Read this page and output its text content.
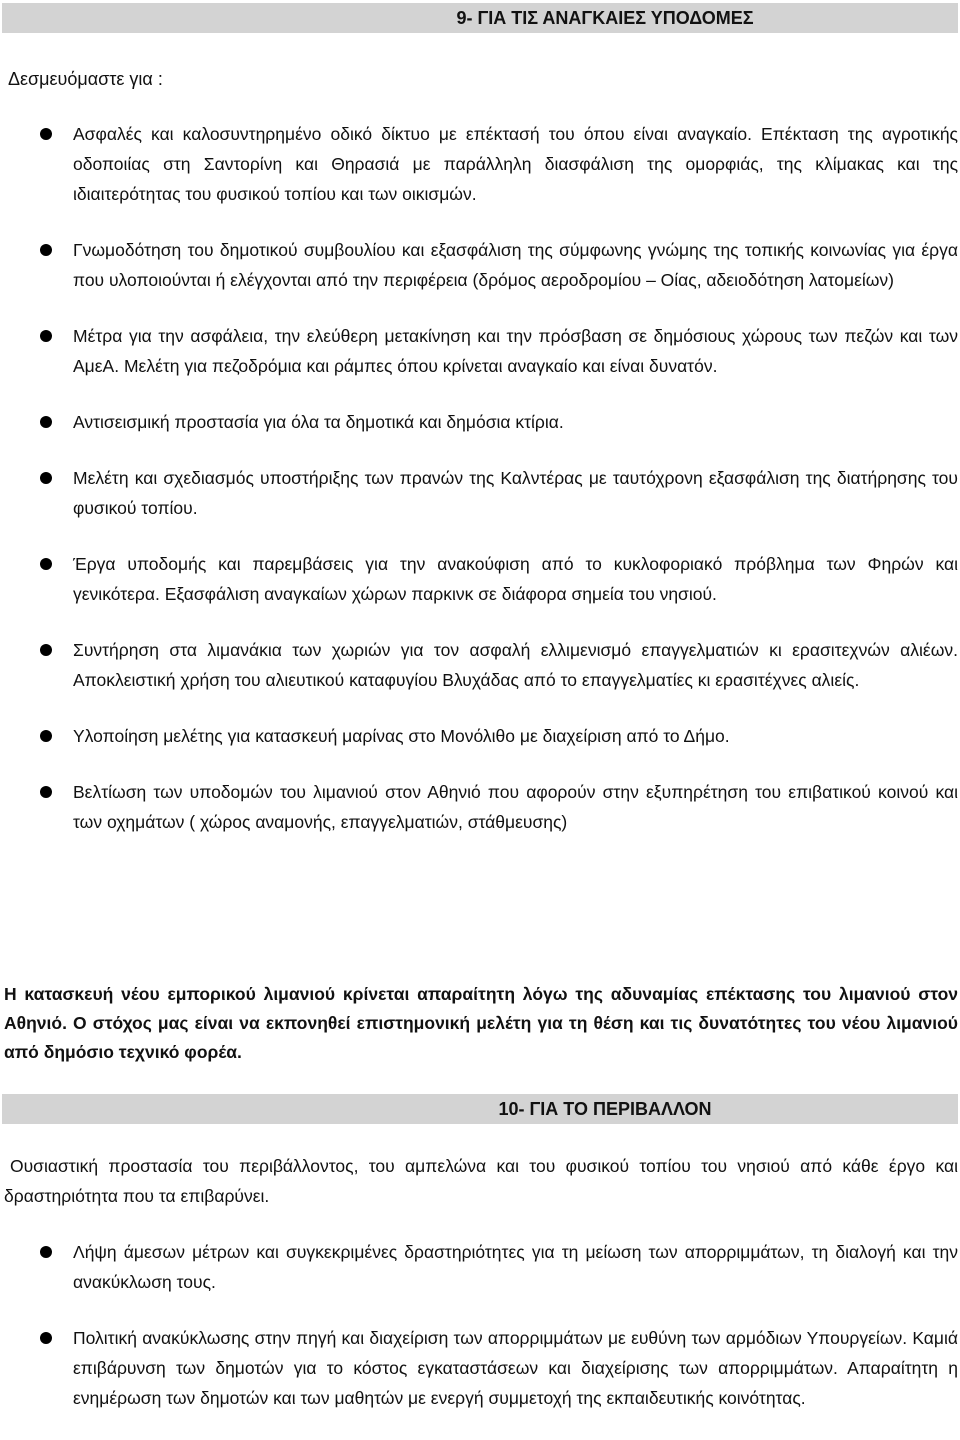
9- ΓΙΑ ΤΙΣ ΑΝΑΓΚΑΙΕΣ ΥΠΟΔΟΜΕΣ
Δεσμευόμαστε για :
Ασφαλές και καλοσυντηρημένο οδικό δίκτυο με επέκτασή του όπου είναι αναγκαίο. Επέκταση της αγροτικής οδοποιίας στη Σαντορίνη και Θηρασιά με παράλληλη διασφάλιση της ομορφιάς, της κλίμακας και της ιδιαιτερότητας του φυσικού τοπίου και των οικισμών.
Γνωμοδότηση του δημοτικού συμβουλίου και εξασφάλιση της σύμφωνης γνώμης της τοπικής κοινωνίας για έργα που υλοποιούνται ή ελέγχονται από την περιφέρεια (δρόμος αεροδρομίου – Οίας, αδειοδότηση λατομείων)
Μέτρα για την ασφάλεια, την ελεύθερη μετακίνηση και την πρόσβαση σε δημόσιους χώρους των πεζών και των ΑμεΑ. Μελέτη για πεζοδρόμια και ράμπες όπου κρίνεται αναγκαίο και είναι δυνατόν.
Αντισεισμική προστασία για όλα τα δημοτικά και δημόσια κτίρια.
Μελέτη και σχεδιασμός υποστήριξης των πρανών της Καλντέρας με ταυτόχρονη εξασφάλιση της διατήρησης του φυσικού τοπίου.
Έργα υποδομής και παρεμβάσεις για την ανακούφιση από το κυκλοφοριακό πρόβλημα των Φηρών και γενικότερα. Εξασφάλιση αναγκαίων χώρων παρκινκ σε διάφορα σημεία του νησιού.
Συντήρηση στα λιμανάκια των χωριών για τον ασφαλή ελλιμενισμό επαγγελματιών κι ερασιτεχνών αλιέων. Αποκλειστική χρήση του αλιευτικού καταφυγίου Βλυχάδας από το επαγγελματίες κι ερασιτέχνες αλιείς.
Υλοποίηση μελέτης για κατασκευή μαρίνας στο Μονόλιθο με διαχείριση από το Δήμο.
Βελτίωση των υποδομών του λιμανιού στον Αθηνιό που αφορούν στην εξυπηρέτηση του επιβατικού κοινού και των οχημάτων ( χώρος αναμονής, επαγγελματιών, στάθμευσης)
Η κατασκευή νέου εμπορικού λιμανιού κρίνεται απαραίτητη λόγω της αδυναμίας επέκτασης του λιμανιού στον Αθηνιό. Ο στόχος μας είναι να εκπονηθεί επιστημονική μελέτη για τη θέση και τις δυνατότητες του νέου λιμανιού από δημόσιο τεχνικό φορέα.
10- ΓΙΑ ΤΟ ΠΕΡΙΒΑΛΛΟΝ
Ουσιαστική προστασία του περιβάλλοντος, του αμπελώνα και του φυσικού τοπίου του νησιού από κάθε έργο και δραστηριότητα που τα επιβαρύνει.
Λήψη άμεσων μέτρων και συγκεκριμένες δραστηριότητες για τη μείωση των απορριμμάτων, τη διαλογή και την ανακύκλωση τους.
Πολιτική ανακύκλωσης στην πηγή και διαχείριση των απορριμμάτων με ευθύνη των αρμόδιων Υπουργείων. Καμιά επιβάρυνση των δημοτών για το κόστος εγκαταστάσεων και διαχείρισης των απορριμμάτων. Απαραίτητη η ενημέρωση των δημοτών και των μαθητών με ενεργή συμμετοχή της εκπαιδευτικής κοινότητας.
